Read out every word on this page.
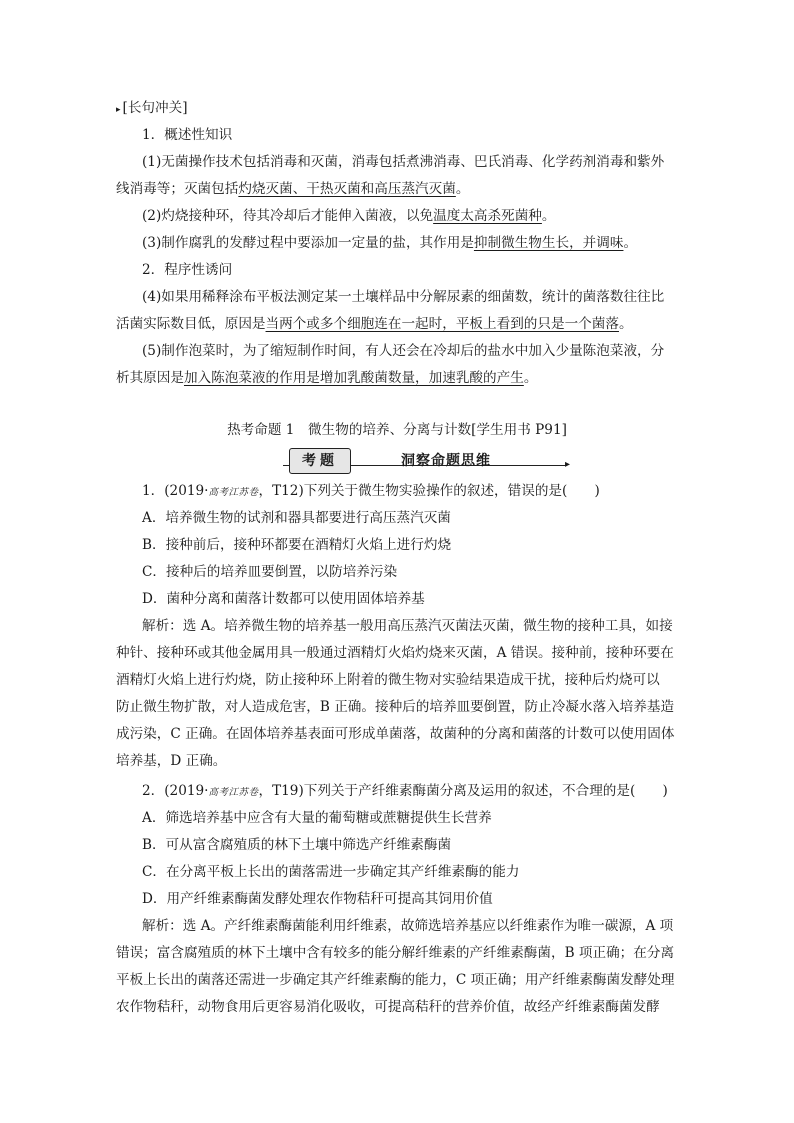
▸ [长句冲关]
1．概述性知识
(1)无菌操作技术包括消毒和灭菌，消毒包括煮沸消毒、巴氏消毒、化学药剂消毒和紫外
线消毒等；灭菌包括灼烧灭菌、干热灭菌和高压蒸汽灭菌。
(2)灼烧接种环，待其冷却后才能伸入菌液，以免温度太高杀死菌种。
(3)制作腐乳的发酵过程中要添加一定量的盐，其作用是抑制微生物生长，并调味。
2．程序性诱问
(4)如果用稀释涂布平板法测定某一土壤样品中分解尿素的细菌数，统计的菌落数往往比
活菌实际数目低，原因是当两个或多个细胞连在一起时，平板上看到的只是一个菌落。
(5)制作泡菜时，为了缩短制作时间，有人还会在冷却后的盐水中加入少量陈泡菜液，分
析其原因是加入陈泡菜液的作用是增加乳酸菌数量，加速乳酸的产生。
热考命题 1　微生物的培养、分离与计数[学生用书 P91]
▸
考题	洞察命题思维
1．(2019·高考江苏卷，T12)下列关于微生物实验操作的叙述，错误的是(　　)
A．培养微生物的试剂和器具都要进行高压蒸汽灭菌
B．接种前后，接种环都要在酒精灯火焰上进行灼烧
C．接种后的培养皿要倒置，以防培养污染
D．菌种分离和菌落计数都可以使用固体培养基
解析：选 A。培养微生物的培养基一般用高压蒸汽灭菌法灭菌，微生物的接种工具，如接
种针、接种环或其他金属用具一般通过酒精灯火焰灼烧来灭菌，A 错误。接种前，接种环要在
酒精灯火焰上进行灼烧，防止接种环上附着的微生物对实验结果造成干扰，接种后灼烧可以
防止微生物扩散，对人造成危害，B 正确。接种后的培养皿要倒置，防止冷凝水落入培养基造
成污染，C 正确。在固体培养基表面可形成单菌落，故菌种的分离和菌落的计数可以使用固体
培养基，D 正确。
2．(2019·高考江苏卷，T19)下列关于产纤维素酶菌分离及运用的叙述，不合理的是(　　)
A．筛选培养基中应含有大量的葡萄糖或蔗糖提供生长营养
B．可从富含腐殖质的林下土壤中筛选产纤维素酶菌
C．在分离平板上长出的菌落需进一步确定其产纤维素酶的能力
D．用产纤维素酶菌发酵处理农作物秸秆可提高其饲用价值
解析：选 A。产纤维素酶菌能利用纤维素，故筛选培养基应以纤维素作为唯一碳源，A 项
错误；富含腐殖质的林下土壤中含有较多的能分解纤维素的产纤维素酶菌，B 项正确；在分离
平板上长出的菌落还需进一步确定其产纤维素酶的能力，C 项正确；用产纤维素酶菌发酵处理
农作物秸秆，动物食用后更容易消化吸收，可提高秸秆的营养价值，故经产纤维素酶菌发酵
